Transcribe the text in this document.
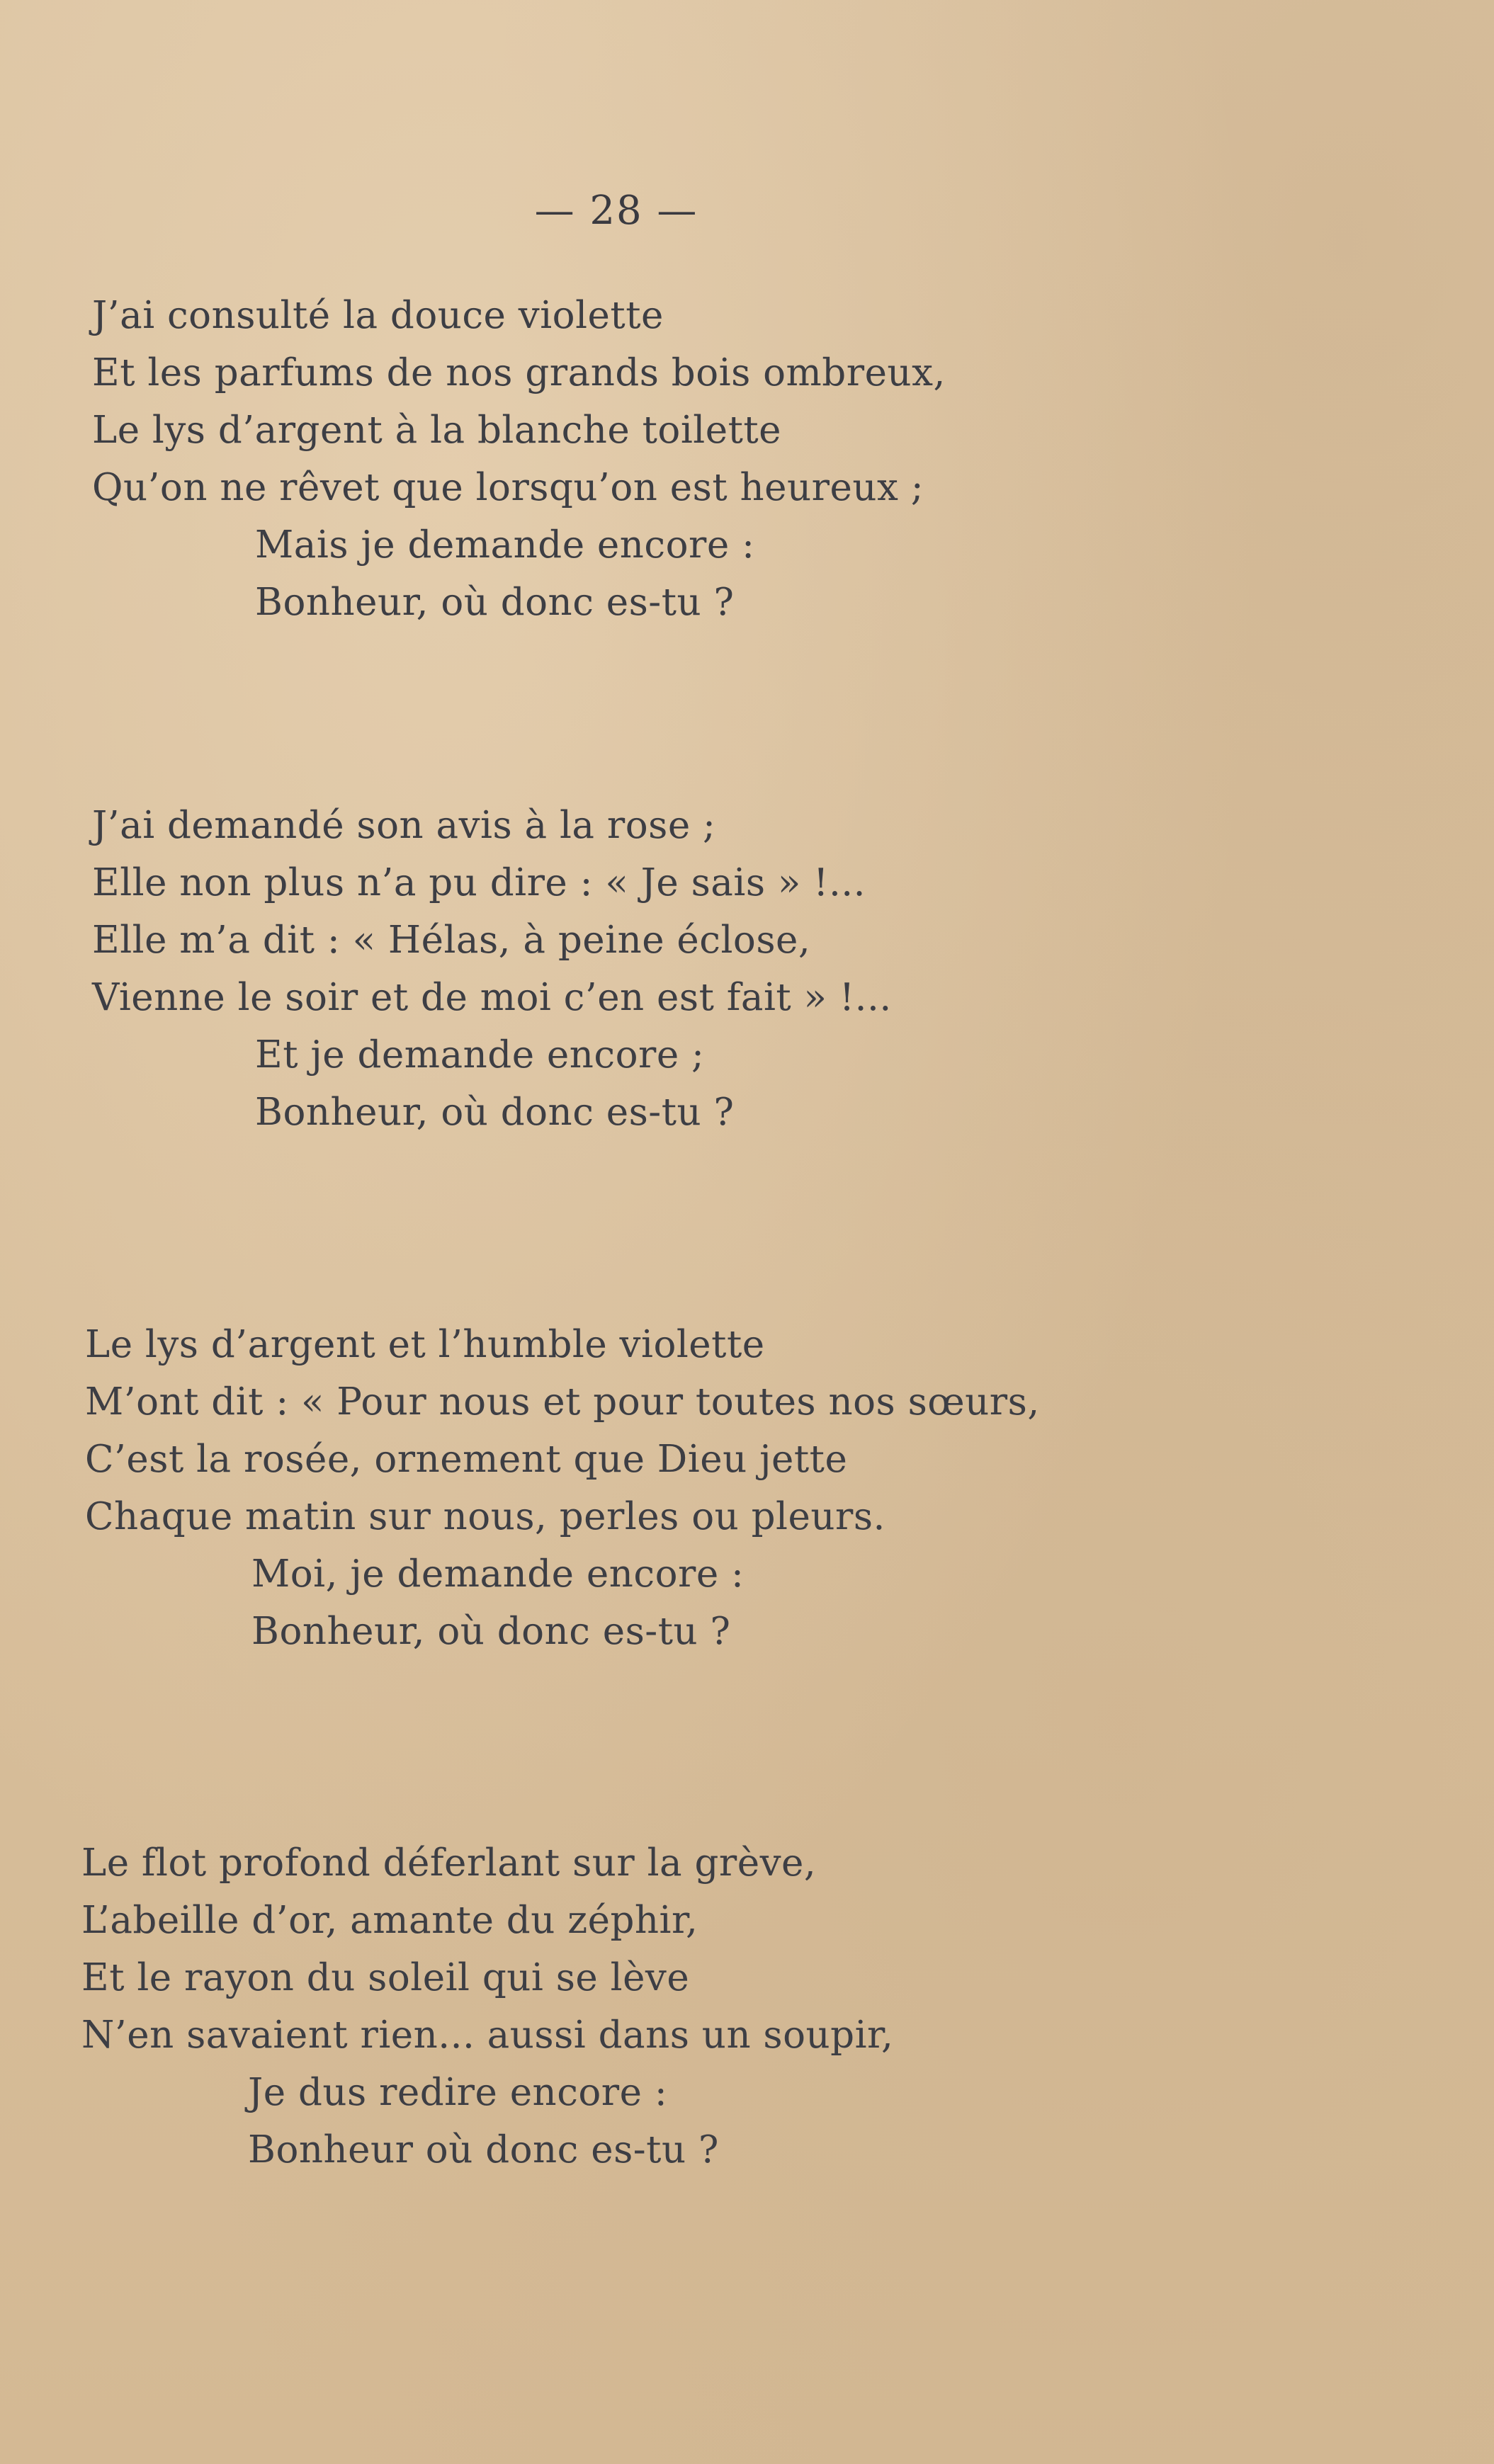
— 28 —
J’ai consulté la douce violette
Et les parfums de nos grands bois ombreux,
Le lys d’argent à la blanche toilette
Qu’on ne rêvet que lorsqu’on est heureux ;
Mais je demande encore :
Bonheur, où donc es-tu ?
J’ai demandé son avis à la rose ;
Elle non plus n’a pu dire : « Je sais » !...
Elle m’a dit : « Hélas, à peine éclose,
Vienne le soir et de moi c’en est fait » !...
Et je demande encore ;
Bonheur, où donc es-tu ?
Le lys d’argent et l’humble violette
M’ont dit : « Pour nous et pour toutes nos sœurs,
C’est la rosée, ornement que Dieu jette
Chaque matin sur nous, perles ou pleurs.
Moi, je demande encore :
Bonheur, où donc es-tu ?
Le flot profond déferlant sur la grève,
L’abeille d’or, amante du zéphir,
Et le rayon du soleil qui se lève
N’en savaient rien... aussi dans un soupir,
Je dus redire encore :
Bonheur où donc es-tu ?
